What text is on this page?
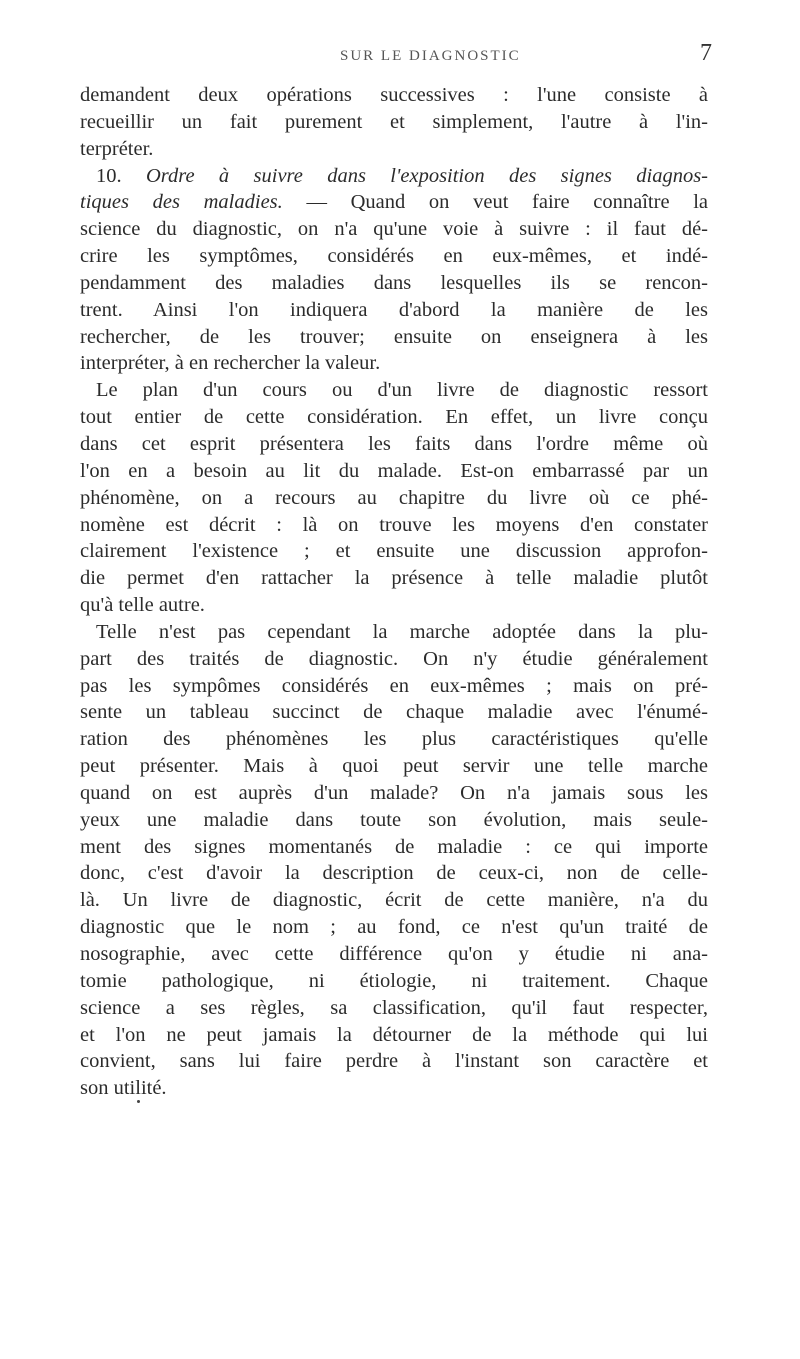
SUR LE DIAGNOSTIC	7
demandent deux opérations successives : l'une consiste à
recueillir un fait purement et simplement, l'autre à l'in-
terpréter.
10. Ordre à suivre dans l'exposition des signes diagnos-
tiques des maladies. — Quand on veut faire connaître la
science du diagnostic, on n'a qu'une voie à suivre : il faut dé-
crire les symptômes, considérés en eux-mêmes, et indé-
pendamment des maladies dans lesquelles ils se rencon-
trent. Ainsi l'on indiquera d'abord la manière de les
rechercher, de les trouver; ensuite on enseignera à les
interpréter, à en rechercher la valeur.
Le plan d'un cours ou d'un livre de diagnostic ressort
tout entier de cette considération. En effet, un livre conçu
dans cet esprit présentera les faits dans l'ordre même où
l'on en a besoin au lit du malade. Est-on embarrassé par un
phénomène, on a recours au chapitre du livre où ce phé-
nomène est décrit : là on trouve les moyens d'en constater
clairement l'existence ; et ensuite une discussion approfon-
die permet d'en rattacher la présence à telle maladie plutôt
qu'à telle autre.
Telle n'est pas cependant la marche adoptée dans la plu-
part des traités de diagnostic. On n'y étudie généralement
pas les sympômes considérés en eux-mêmes ; mais on pré-
sente un tableau succinct de chaque maladie avec l'énumé-
ration des phénomènes les plus caractéristiques qu'elle
peut présenter. Mais à quoi peut servir une telle marche
quand on est auprès d'un malade? On n'a jamais sous les
yeux une maladie dans toute son évolution, mais seule-
ment des signes momentanés de maladie : ce qui importe
donc, c'est d'avoir la description de ceux-ci, non de celle-
là. Un livre de diagnostic, écrit de cette manière, n'a du
diagnostic que le nom ; au fond, ce n'est qu'un traité de
nosographie, avec cette différence qu'on y étudie ni ana-
tomie pathologique, ni étiologie, ni traitement. Chaque
science a ses règles, sa classification, qu'il faut respecter,
et l'on ne peut jamais la détourner de la méthode qui lui
convient, sans lui faire perdre à l'instant son caractère et
son utilité.
